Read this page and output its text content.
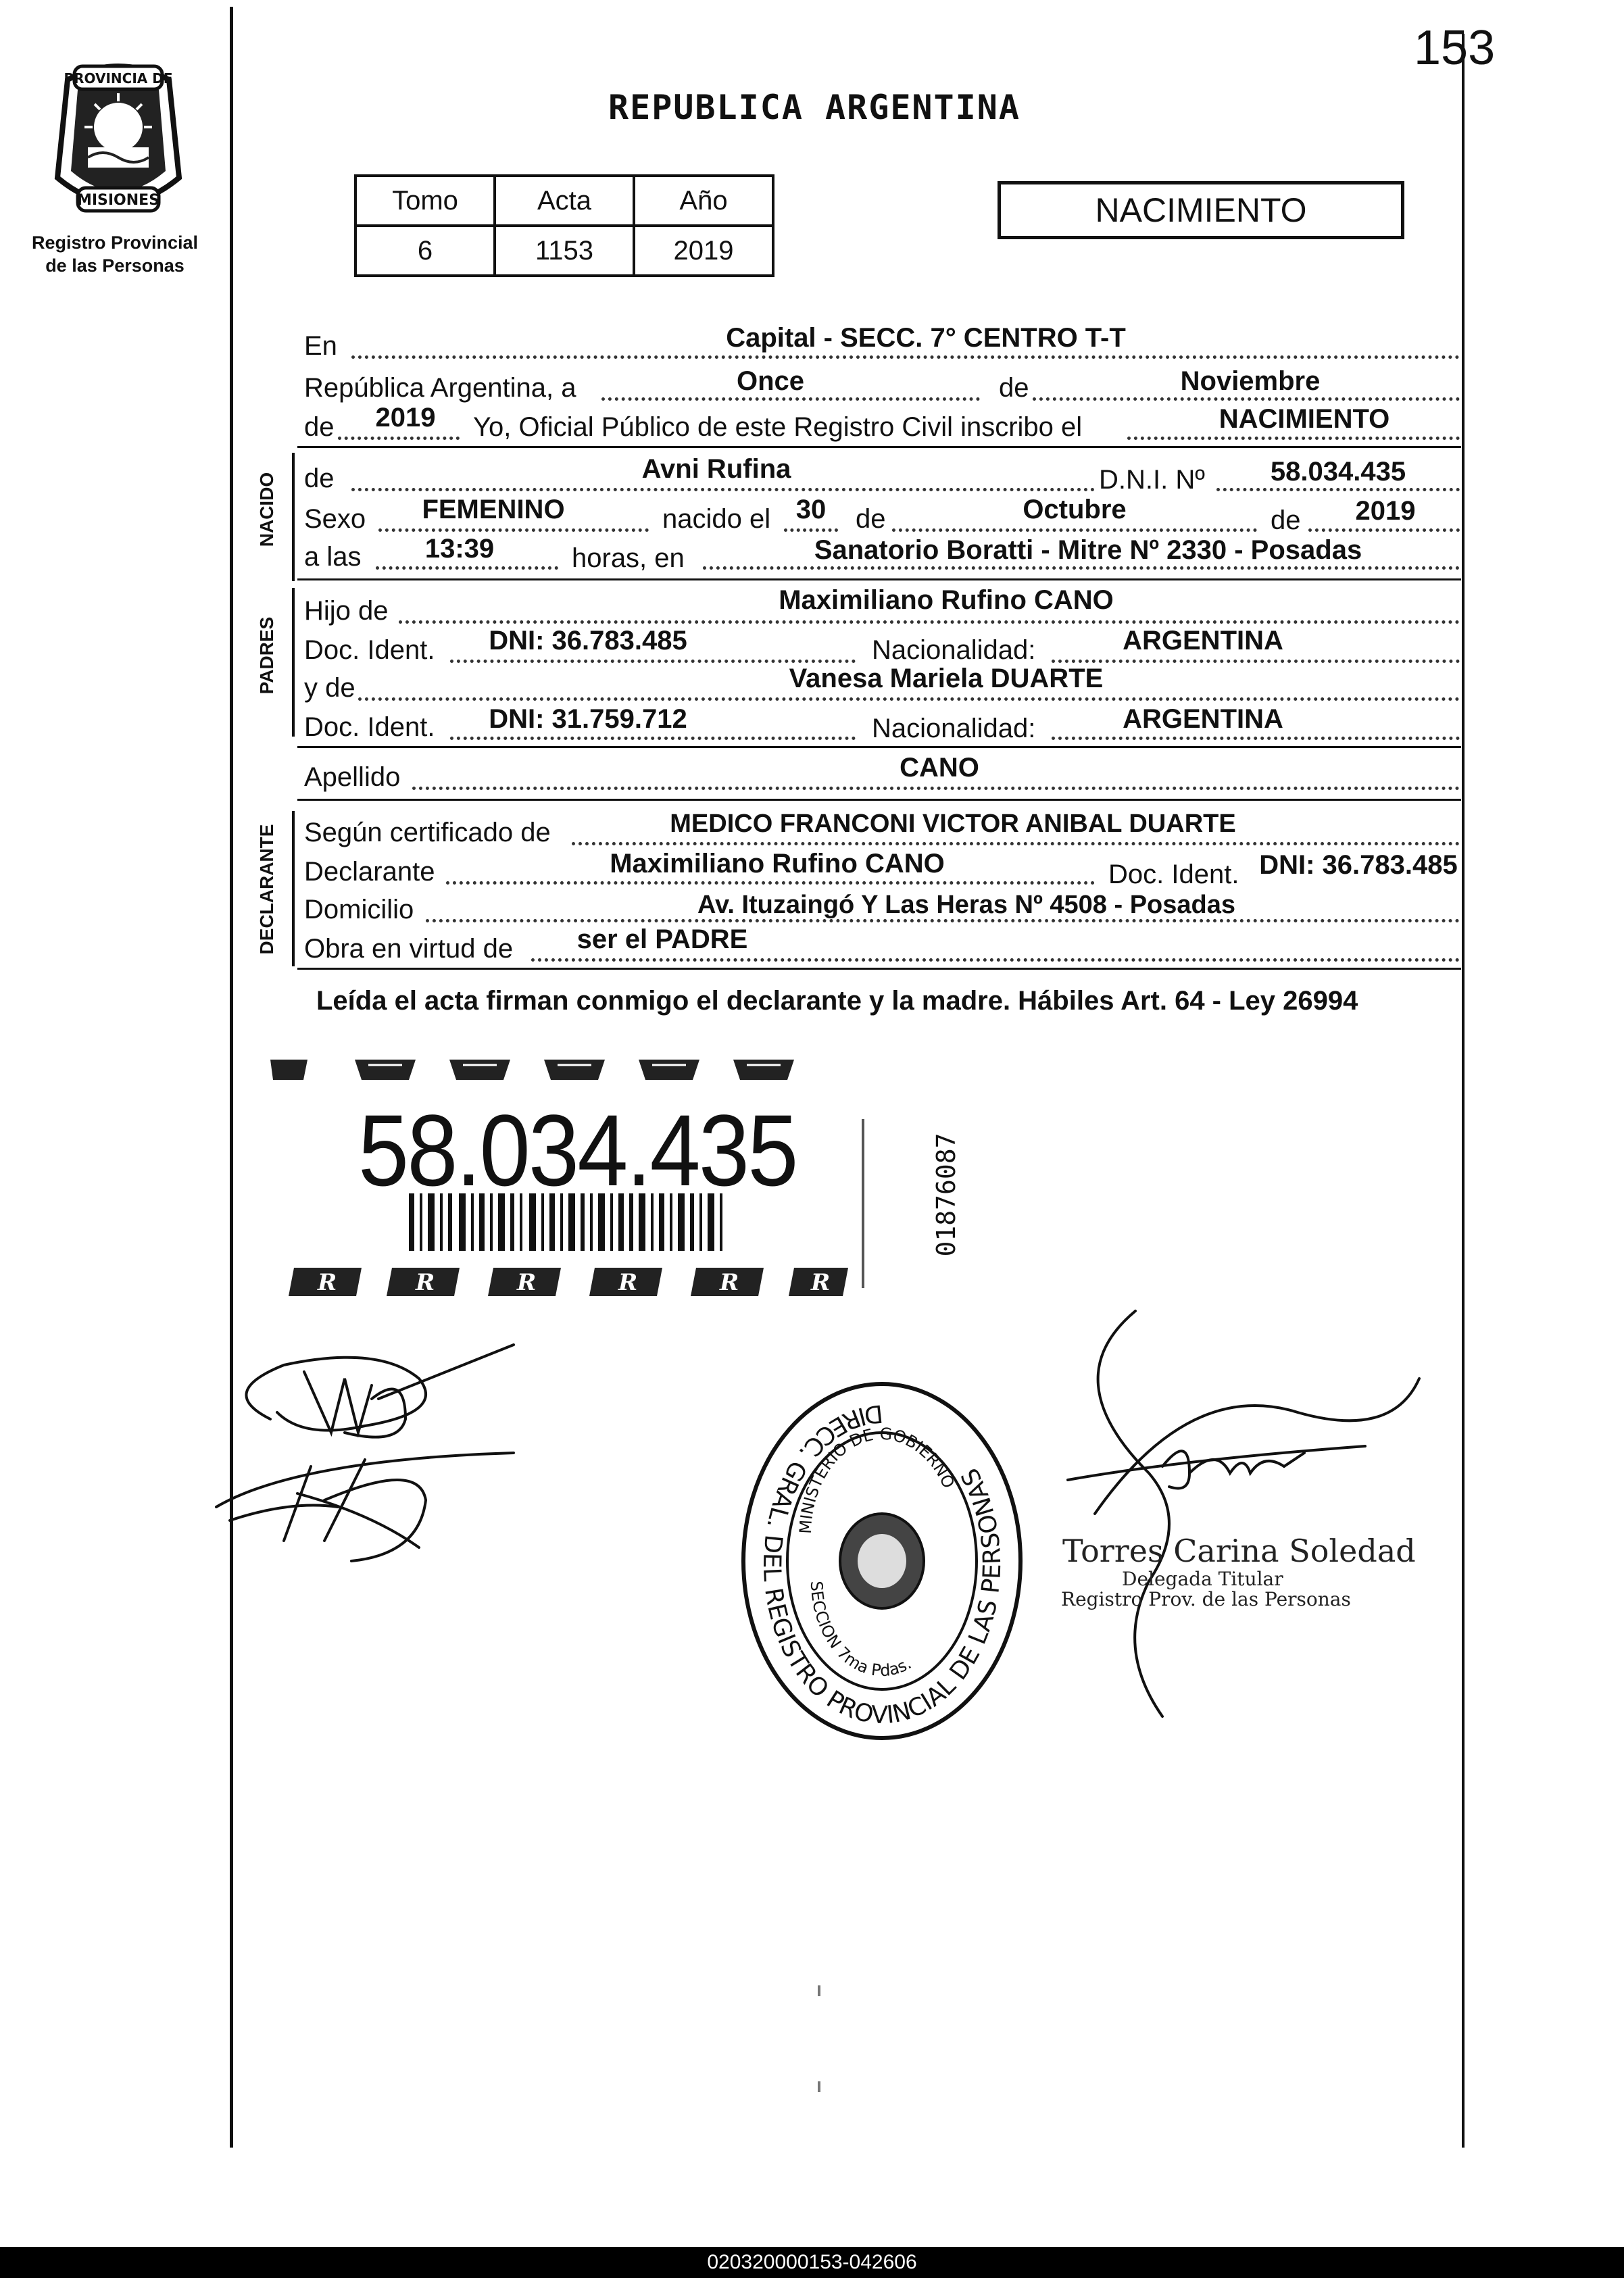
153
PROVINCIA DE
MISIONES
Registro Provincial
de las Personas
REPUBLICA ARGENTINA
Tomo	Acta	Año
6	1153	2019
NACIMIENTO
En	Capital - SECC. 7° CENTRO T-T
República Argentina, a	Once	de	Noviembre
de	2019	Yo, Oficial Público de este Registro Civil inscribo el	NACIMIENTO
NACIDO de	Avni Rufina	D.N.I. Nº	58.034.435
Sexo	FEMENINO	nacido el 30	de	Octubre	de	2019
a las	13:39	horas, en	Sanatorio Boratti - Mitre Nº 2330 - Posadas
PADRES
Hijo de	Maximiliano Rufino CANO
Doc. Ident.	DNI: 36.783.485	Nacionalidad:	ARGENTINA
y de	Vanesa Mariela DUARTE
Doc. Ident.	DNI: 31.759.712	Nacionalidad:	ARGENTINA
Apellido	CANO
DECLARANTE Según certificado de	MEDICO FRANCONI VICTOR ANIBAL DUARTE
Declarante	Maximiliano Rufino CANO	Doc. Ident. DNI: 36.783.485
Domicilio	Av. Ituzaingó Y Las Heras Nº 4508 - Posadas
Obra en virtud de	ser el PADRE
Leída el acta firman conmigo el declarante y la madre. Hábiles Art. 64 - Ley 26994
R	R	R	R	R	R
58.034.435	01876087
DIRECC. GRAL. DEL REGISTRO PROVINCIAL DE LAS PERSONAS
MINISTERIO DE GOBIERNO
SECCION 7ma Pdas.
Torres Carina Soledad
Delegada Titular
Registro Prov. de las Personas
020320000153-042606
